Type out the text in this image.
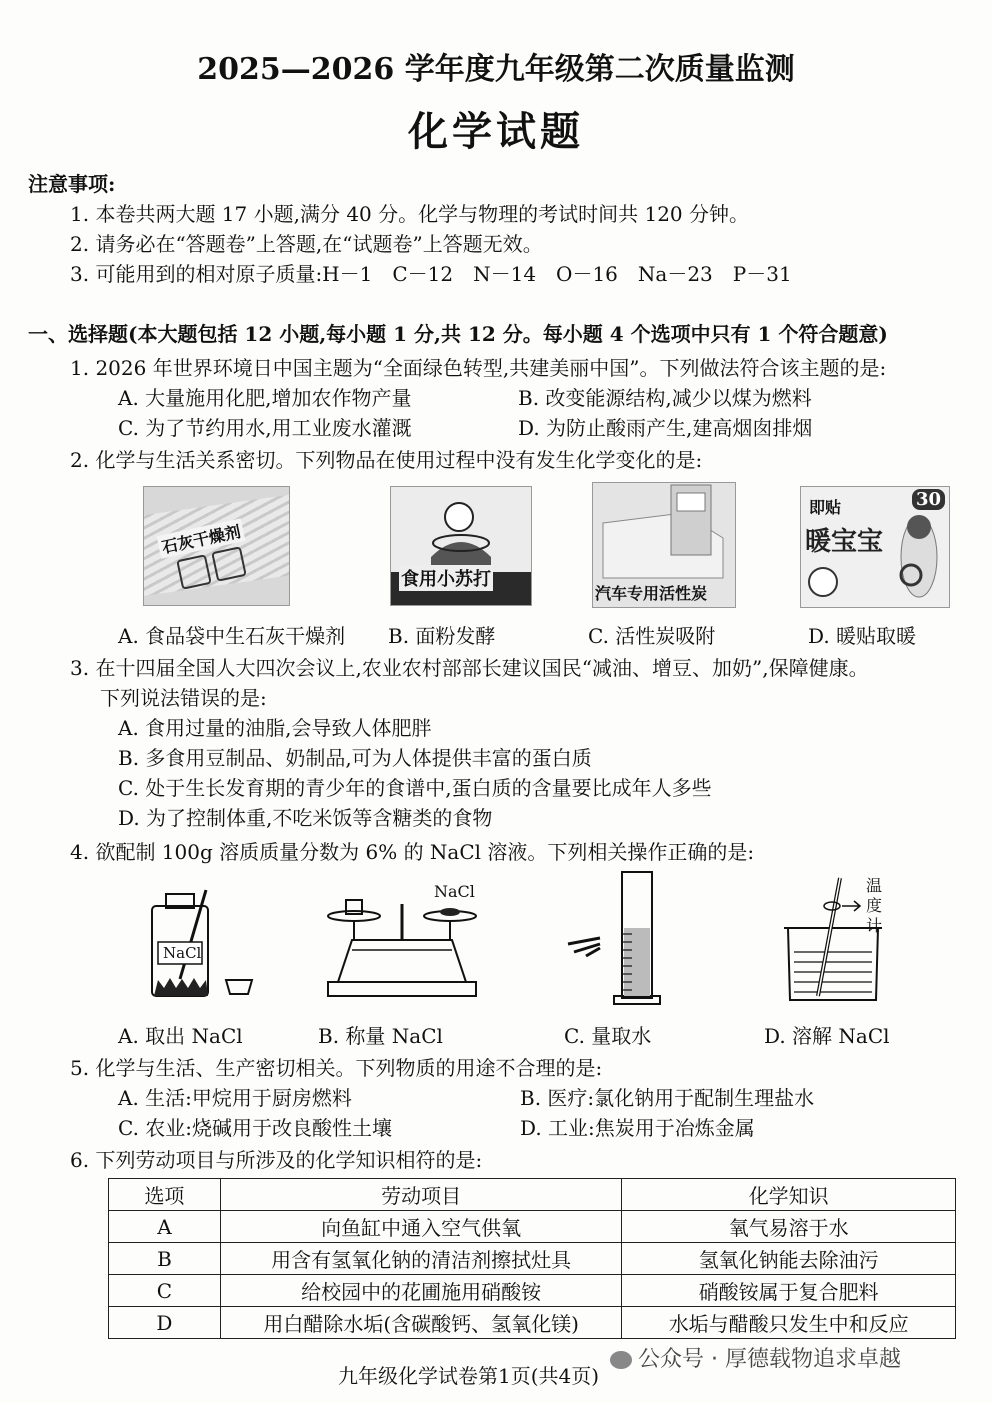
2025—2026 学年度九年级第二次质量监测
化学试题
注意事项:
1. 本卷共两大题 17 小题,满分 40 分。化学与物理的考试时间共 120 分钟。
2. 请务必在“答题卷”上答题,在“试题卷”上答题无效。
3. 可能用到的相对原子质量:H－1　C－12　N－14　O－16　Na－23　P－31
一、选择题(本大题包括 12 小题,每小题 1 分,共 12 分。每小题 4 个选项中只有 1 个符合题意)
1. 2026 年世界环境日中国主题为“全面绿色转型,共建美丽中国”。下列做法符合该主题的是:
A. 大量施用化肥,增加农作物产量	B. 改变能源结构,减少以煤为燃料
C. 为了节约用水,用工业废水灌溉	D. 为防止酸雨产生,建高烟囱排烟
2. 化学与生活关系密切。下列物品在使用过程中没有发生化学变化的是:
石灰干燥剂
食用小苏打
汽车专用活性炭
即贴
暖宝宝
30
A. 食品袋中生石灰干燥剂 B. 面粉发酵	C. 活性炭吸附	D. 暖贴取暖
3. 在十四届全国人大四次会议上,农业农村部部长建议国民“减油、增豆、加奶”,保障健康。
下列说法错误的是:
A. 食用过量的油脂,会导致人体肥胖
B. 多食用豆制品、奶制品,可为人体提供丰富的蛋白质
C. 处于生长发育期的青少年的食谱中,蛋白质的含量要比成年人多些
D. 为了控制体重,不吃米饭等含糖类的食物
4. 欲配制 100g 溶质质量分数为 6% 的 NaCl 溶液。下列相关操作正确的是:
NaCl
NaCl	温
度
计
A. 取出 NaCl	B. 称量 NaCl	C. 量取水	D. 溶解 NaCl
5. 化学与生活、生产密切相关。下列物质的用途不合理的是:
A. 生活:甲烷用于厨房燃料	B. 医疗:氯化钠用于配制生理盐水
C. 农业:烧碱用于改良酸性土壤	D. 工业:焦炭用于冶炼金属
6. 下列劳动项目与所涉及的化学知识相符的是:
选项	劳动项目	化学知识
A	向鱼缸中通入空气供氧	氧气易溶于水
B	用含有氢氧化钠的清洁剂擦拭灶具	氢氧化钠能去除油污
C	给校园中的花圃施用硝酸铵	硝酸铵属于复合肥料
D	用白醋除水垢(含碳酸钙、氢氧化镁)	水垢与醋酸只发生中和反应
九年级化学试卷第1页(共4页)
公众号 · 厚德载物追求卓越
